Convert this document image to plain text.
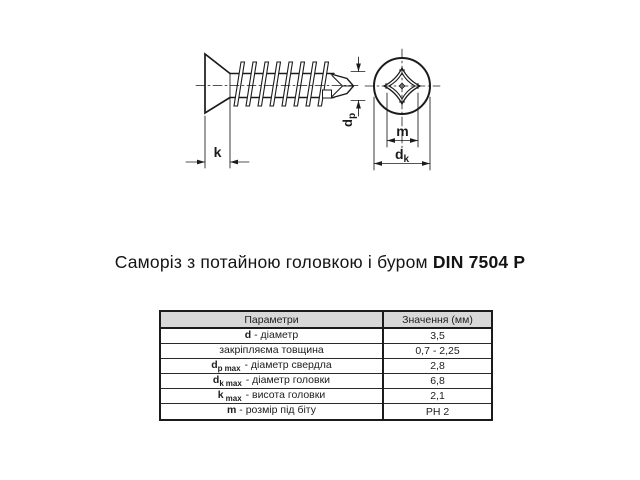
k
$d_p$
m
$d_k$
Саморіз з потайною головкою і буром DIN 7504 P
Параметри	Значення (мм)
d - діаметр	3,5
закріпляєма товщина	0,7 - 2,25
$d_p$ $_{max}$ - діаметр свердла	2,8
$d_k$ $_{max}$ - діаметр головки	6,8
k $_{max}$ - висота головки	2,1
m - розмір під біту	PH 2
